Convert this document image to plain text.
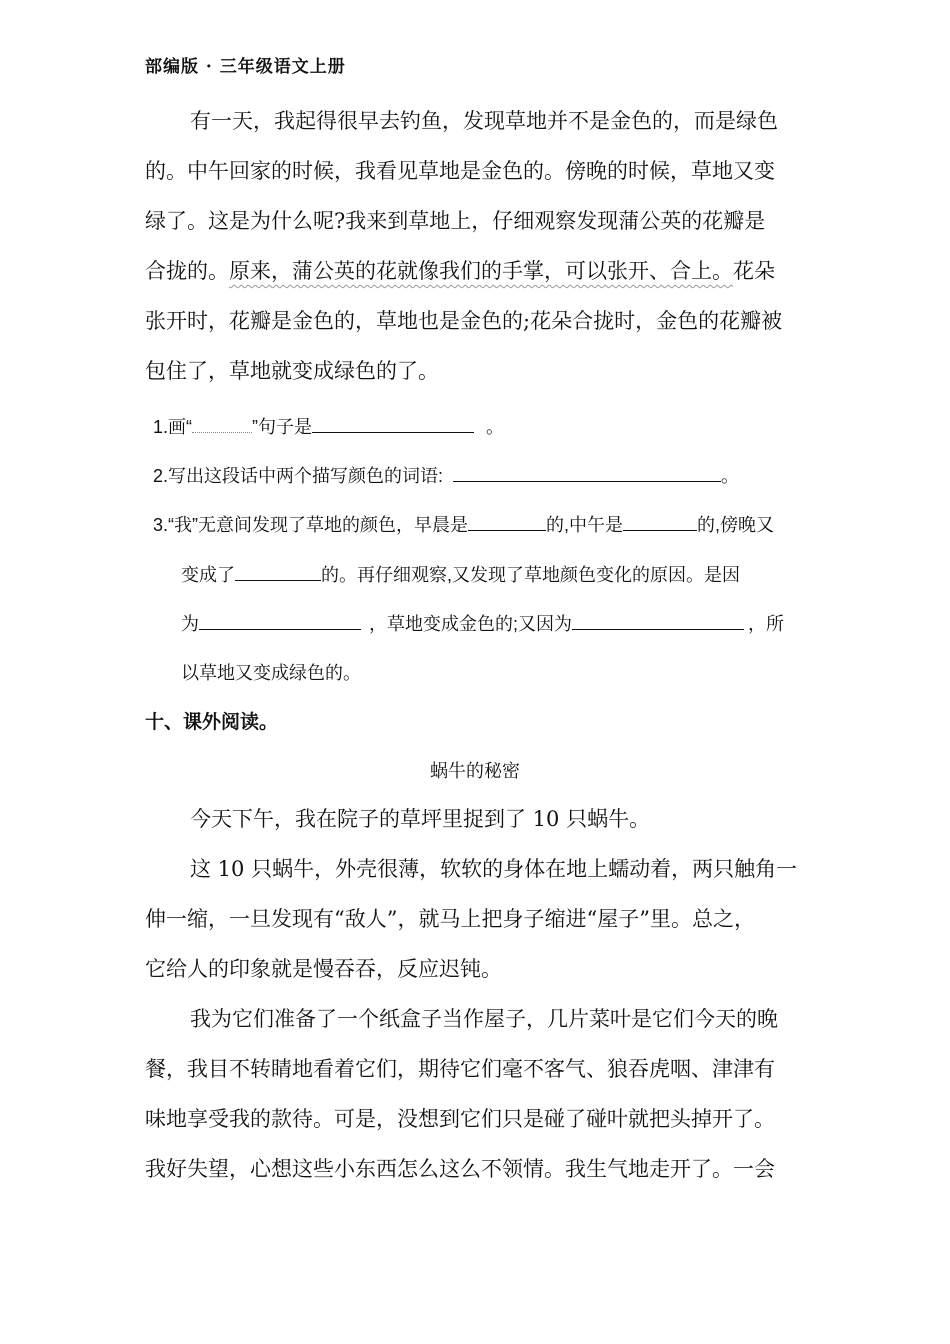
部编版 · 三年级语文上册
有一天，我起得很早去钓鱼，发现草地并不是金色的，而是绿色
的。中午回家的时候，我看见草地是金色的。傍晚的时候，草地又变
绿了。这是为什么呢?我来到草地上，仔细观察发现蒲公英的花瓣是
合拢的。原来，蒲公英的花就像我们的手掌，可以张开、合上。花朵
张开时，花瓣是金色的，草地也是金色的;花朵合拢时，金色的花瓣被
包住了，草地就变成绿色的了。
1.画“	”句子是	。
2.写出这段话中两个描写颜色的词语:	。
3.“我”无意间发现了草地的颜色，早晨是	的,中午是	的,傍晚又
变成了	的。再仔细观察,又发现了草地颜色变化的原因。是因
为	，草地变成金色的;又因为	，所
以草地又变成绿色的。
十、课外阅读。
蜗牛的秘密
今天下午，我在院子的草坪里捉到了 10 只蜗牛。
这 10 只蜗牛，外壳很薄，软软的身体在地上蠕动着，两只触角一
伸一缩，一旦发现有“敌人”，就马上把身子缩进“屋子”里。总之，
它给人的印象就是慢吞吞，反应迟钝。
我为它们准备了一个纸盒子当作屋子，几片菜叶是它们今天的晚
餐，我目不转睛地看着它们，期待它们毫不客气、狼吞虎咽、津津有
味地享受我的款待。可是，没想到它们只是碰了碰叶就把头掉开了。
我好失望，心想这些小东西怎么这么不领情。我生气地走开了。一会
